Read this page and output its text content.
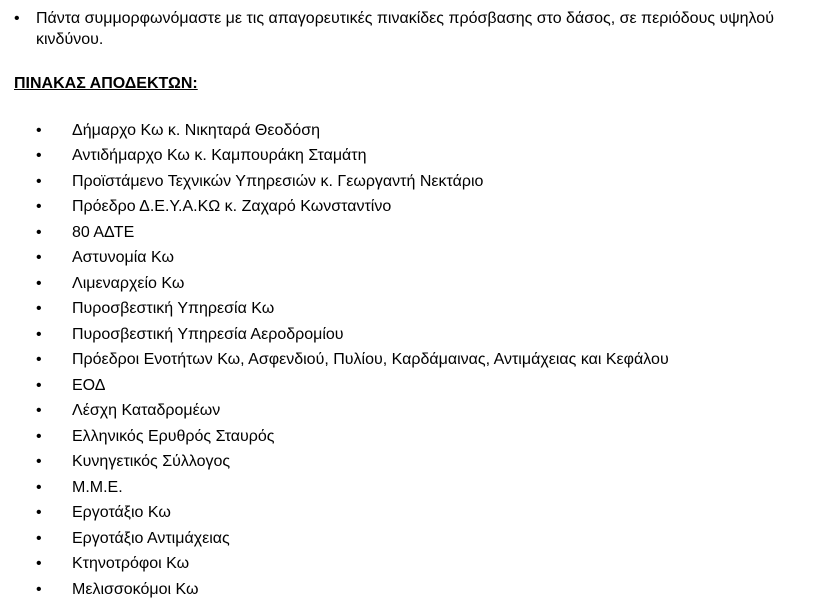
•	Πάντα συμμορφωνόμαστε με τις απαγορευτικές πινακίδες πρόσβασης στο δάσος, σε περιόδους υψηλού κινδύνου.
ΠΙΝΑΚΑΣ ΑΠΟΔΕΚΤΩΝ:
•	Δήμαρχο Κω κ. Νικηταρά Θεοδόση
•	Αντιδήμαρχο Κω κ. Καμπουράκη Σταμάτη
•	Προϊστάμενο Τεχνικών Υπηρεσιών κ. Γεωργαντή Νεκτάριο
•	Πρόεδρο Δ.Ε.Υ.Α.ΚΩ κ. Ζαχαρό Κωνσταντίνο
•	80 ΑΔΤΕ
•	Αστυνομία Κω
•	Λιμεναρχείο Κω
•	Πυροσβεστική Υπηρεσία Κω
•	Πυροσβεστική Υπηρεσία Αεροδρομίου
•	Πρόεδροι Ενοτήτων Κω, Ασφενδιού, Πυλίου, Καρδάμαινας, Αντιμάχειας και Κεφάλου
•	ΕΟΔ
•	Λέσχη Καταδρομέων
•	Ελληνικός Ερυθρός Σταυρός
•	Κυνηγετικός Σύλλογος
•	Μ.Μ.Ε.
•	Εργοτάξιο Κω
•	Εργοτάξιο Αντιμάχειας
•	Κτηνοτρόφοι Κω
•	Μελισσοκόμοι Κω
